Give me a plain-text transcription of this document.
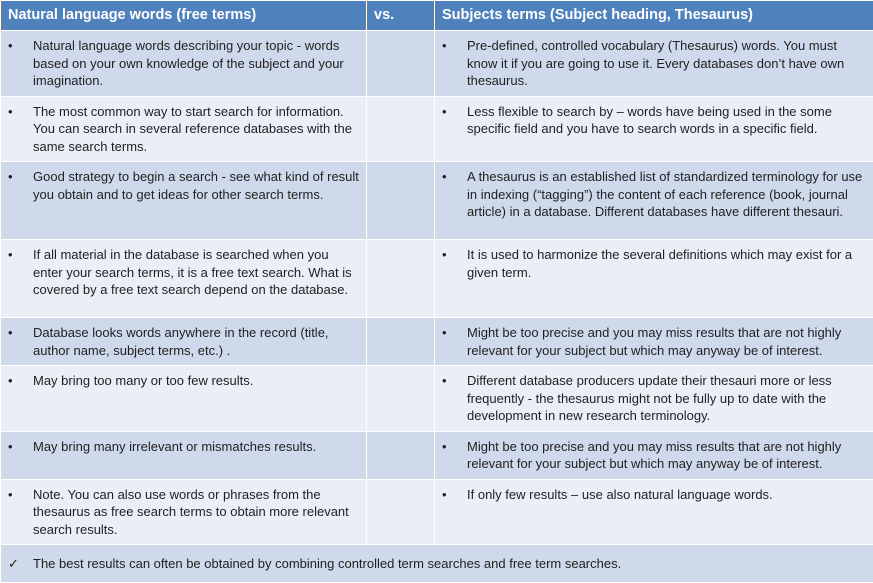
Natural language words (free terms)	vs.	Subjects terms (Subject heading, Thesaurus)

• Natural language words describing your topic - words based on your own knowledge of the subject and your imagination.		• Pre-defined, controlled vocabulary (Thesaurus) words. You must know it if you are going to use it. Every databases don’t have own thesaurus.

• The most common way to start search for information. You can search in several reference databases with the same search terms.		• Less flexible to search by – words have being used in the some specific field and you have to search words in a specific field.

• Good strategy to begin a search - see what kind of result you obtain and to get ideas for other search terms.		• A thesaurus is an established list of standardized terminology for use in indexing (“tagging”) the content of each reference (book, journal article) in a database. Different databases have different thesauri.

• If all material in the database is searched when you enter your search terms, it is a free text search. What is covered by a free text search depend on the database.		• It is used to harmonize the several definitions which may exist for a given term.

• Database looks words anywhere in the record (title, author name, subject terms, etc.) .		• Might be too precise and you may miss results that are not highly relevant for your subject but which may anyway be of interest.

• May bring too many or too few results.		• Different database producers update their thesauri more or less frequently - the thesaurus might not be fully up to date with the development in new research terminology.

• May bring many irrelevant or mismatches results.		• Might be too precise and you may miss results that are not highly relevant for your subject but which may anyway be of interest.

• Note. You can also use words or phrases from the thesaurus as free search terms to obtain more relevant search results.		• If only few results – use also natural language words.

✓ The best results can often be obtained by combining controlled term searches and free term searches.		
